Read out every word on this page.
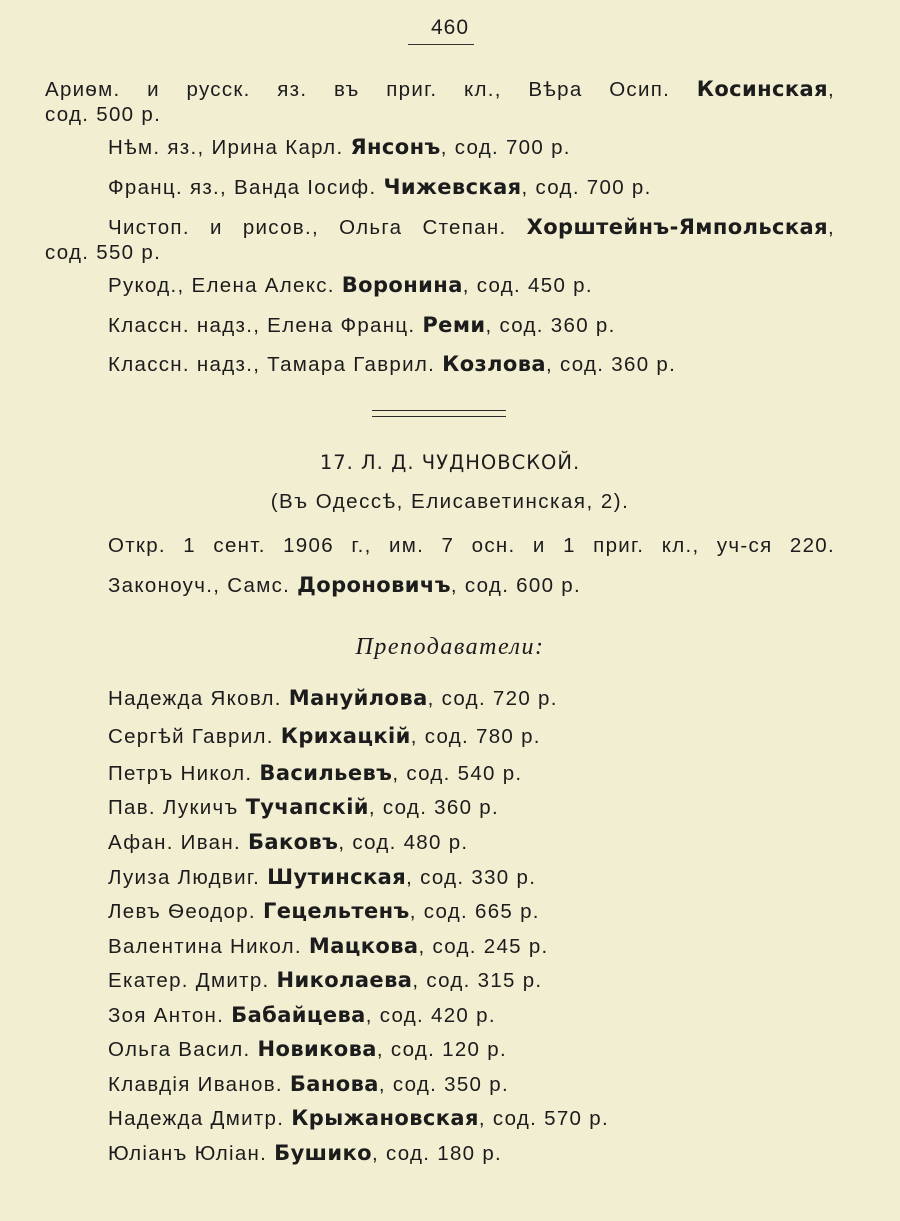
460
Ариѳм. и русск. яз. въ приг. кл., Вѣра Осип. Косинская,
сод. 500 р.
Нѣм. яз., Ирина Карл. Янсонъ, сод. 700 р.
Франц. яз., Ванда Іосиф. Чижевская, сод. 700 р.
Чистоп. и рисов., Ольга Степан. Хорштейнъ-Ямпольская,
сод. 550 р.
Рукод., Елена Алекс. Воронина, сод. 450 р.
Классн. надз., Елена Франц. Реми, сод. 360 р.
Классн. надз., Тамара Гаврил. Козлова, сод. 360 р.
17. Л. Д. ЧУДНОВСКОЙ.
(Въ Одессѣ, Елисаветинская, 2).
Откр. 1 сент. 1906 г., им. 7 осн. и 1 приг. кл., уч-ся 220.
Законоуч., Самс. Дороновичъ, сод. 600 р.
Преподаватели:
Надежда Яковл. Мануйлова, сод. 720 р.
Сергѣй Гаврил. Крихацкій, сод. 780 р.
Петръ Никол. Васильевъ, сод. 540 р.
Пав. Лукичъ Тучапскій, сод. 360 р.
Афан. Иван. Баковъ, сод. 480 р.
Луиза Людвиг. Шутинская, сод. 330 р.
Левъ Ѳеодор. Гецельтенъ, сод. 665 р.
Валентина Никол. Мацкова, сод. 245 р.
Екатер. Дмитр. Николаева, сод. 315 р.
Зоя Антон. Бабайцева, сод. 420 р.
Ольга Васил. Новикова, сод. 120 р.
Клавдія Иванов. Банова, сод. 350 р.
Надежда Дмитр. Крыжановская, сод. 570 р.
Юліанъ Юліан. Бушико, сод. 180 р.
